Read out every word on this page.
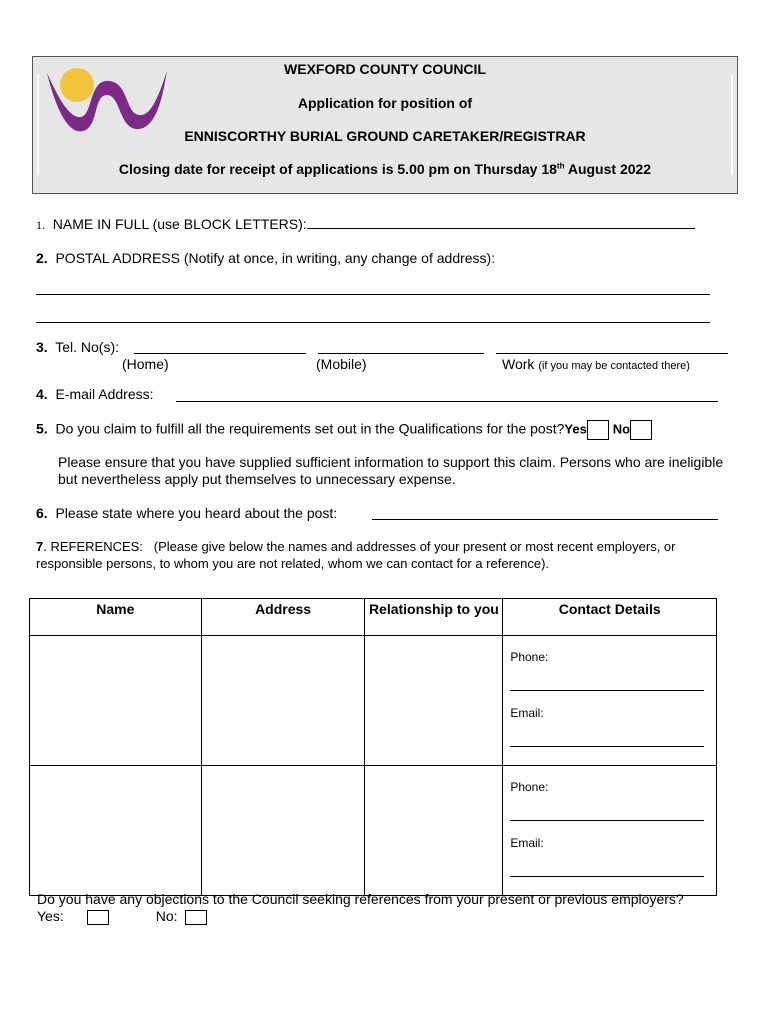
WEXFORD COUNTY COUNCIL
Application for position of
ENNISCORTHY BURIAL GROUND CARETAKER/REGISTRAR
Closing date for receipt of applications is 5.00 pm on Thursday 18th August 2022
1. NAME IN FULL (use BLOCK LETTERS):
2. POSTAL ADDRESS (Notify at once, in writing, any change of address):
3. Tel. No(s):
(Home)	(Mobile)	Work (if you may be contacted there)
4. E-mail Address:
5. Do you claim to fulfill all the requirements set out in the Qualifications for the post?Yes No
Please ensure that you have supplied sufficient information to support this claim. Persons who are ineligible but nevertheless apply put themselves to unnecessary expense.
6. Please state where you heard about the post:
7. REFERENCES: (Please give below the names and addresses of your present or most recent employers, or responsible persons, to whom you are not related, whom we can contact for a reference).
Name	Address	Relationship to you	Contact Details

			Phone:
Email:

			Phone:
Email:
Do you have any objections to the Council seeking references from your present or previous employers?   Yes:	No:
